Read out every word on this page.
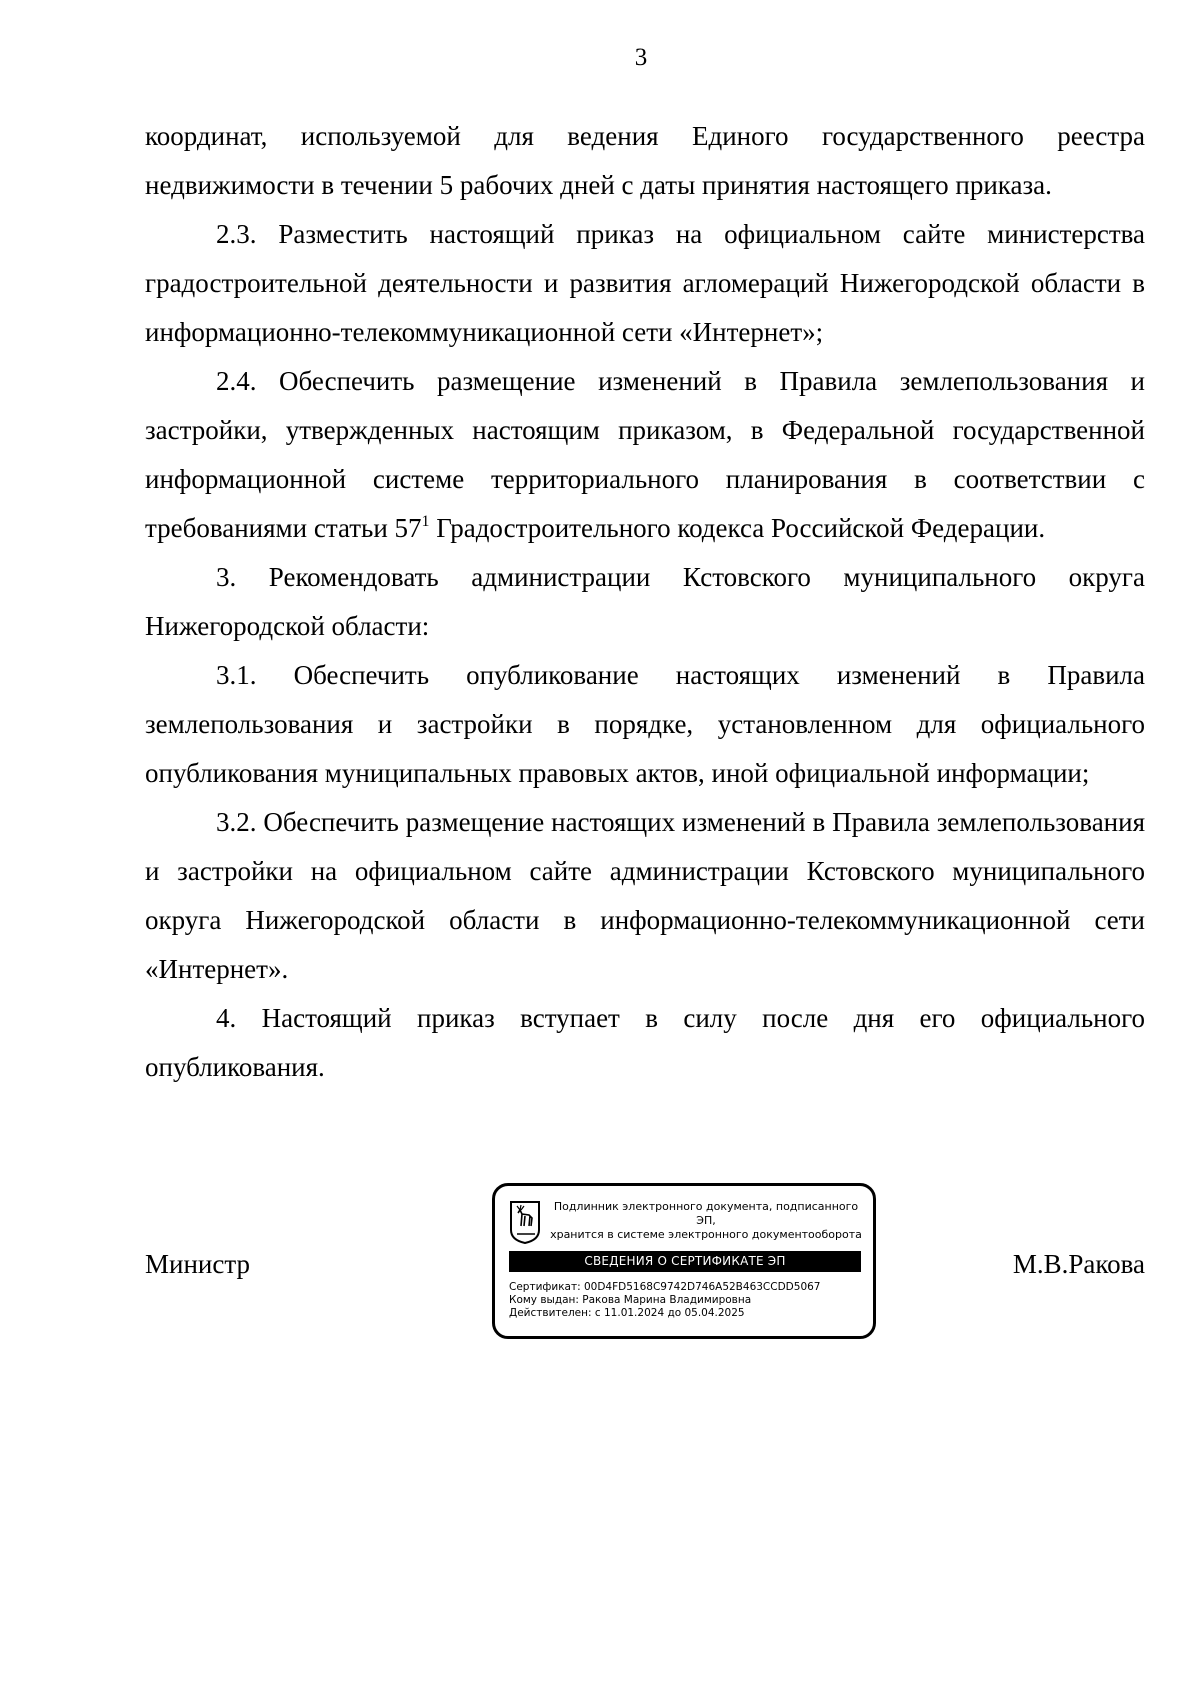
3

координат, используемой для ведения Единого государственного реестра недвижимости в течении 5 рабочих дней с даты принятия настоящего приказа.

2.3. Разместить настоящий приказ на официальном сайте министерства градостроительной деятельности и развития агломераций Нижегородской области в информационно-телекоммуникационной сети «Интернет»;

2.4. Обеспечить размещение изменений в Правила землепользования и застройки, утвержденных настоящим приказом, в Федеральной государственной информационной системе территориального планирования в соответствии с требованиями статьи $57^1$ Градостроительного кодекса Российской Федерации.

3. Рекомендовать администрации Кстовского муниципального округа Нижегородской области:

3.1. Обеспечить опубликование настоящих изменений в Правила землепользования и застройки в порядке, установленном для официального опубликования муниципальных правовых актов, иной официальной информации;

3.2. Обеспечить размещение настоящих изменений в Правила землепользования и застройки на официальном сайте администрации Кстовского муниципального округа Нижегородской области в информационно-телекоммуникационной сети «Интернет».

4. Настоящий приказ вступает в силу после дня его официального опубликования.

Министр	М.В.Ракова
Подлинник электронного документа, подписанного ЭП,
хранится в системе электронного документооборота
СВЕДЕНИЯ О СЕРТИФИКАТЕ ЭП
Сертификат: 00D4FD5168C9742D746A52B463CCDD5067
Кому выдан: Ракова Марина Владимировна
Действителен: с 11.01.2024 до 05.04.2025
